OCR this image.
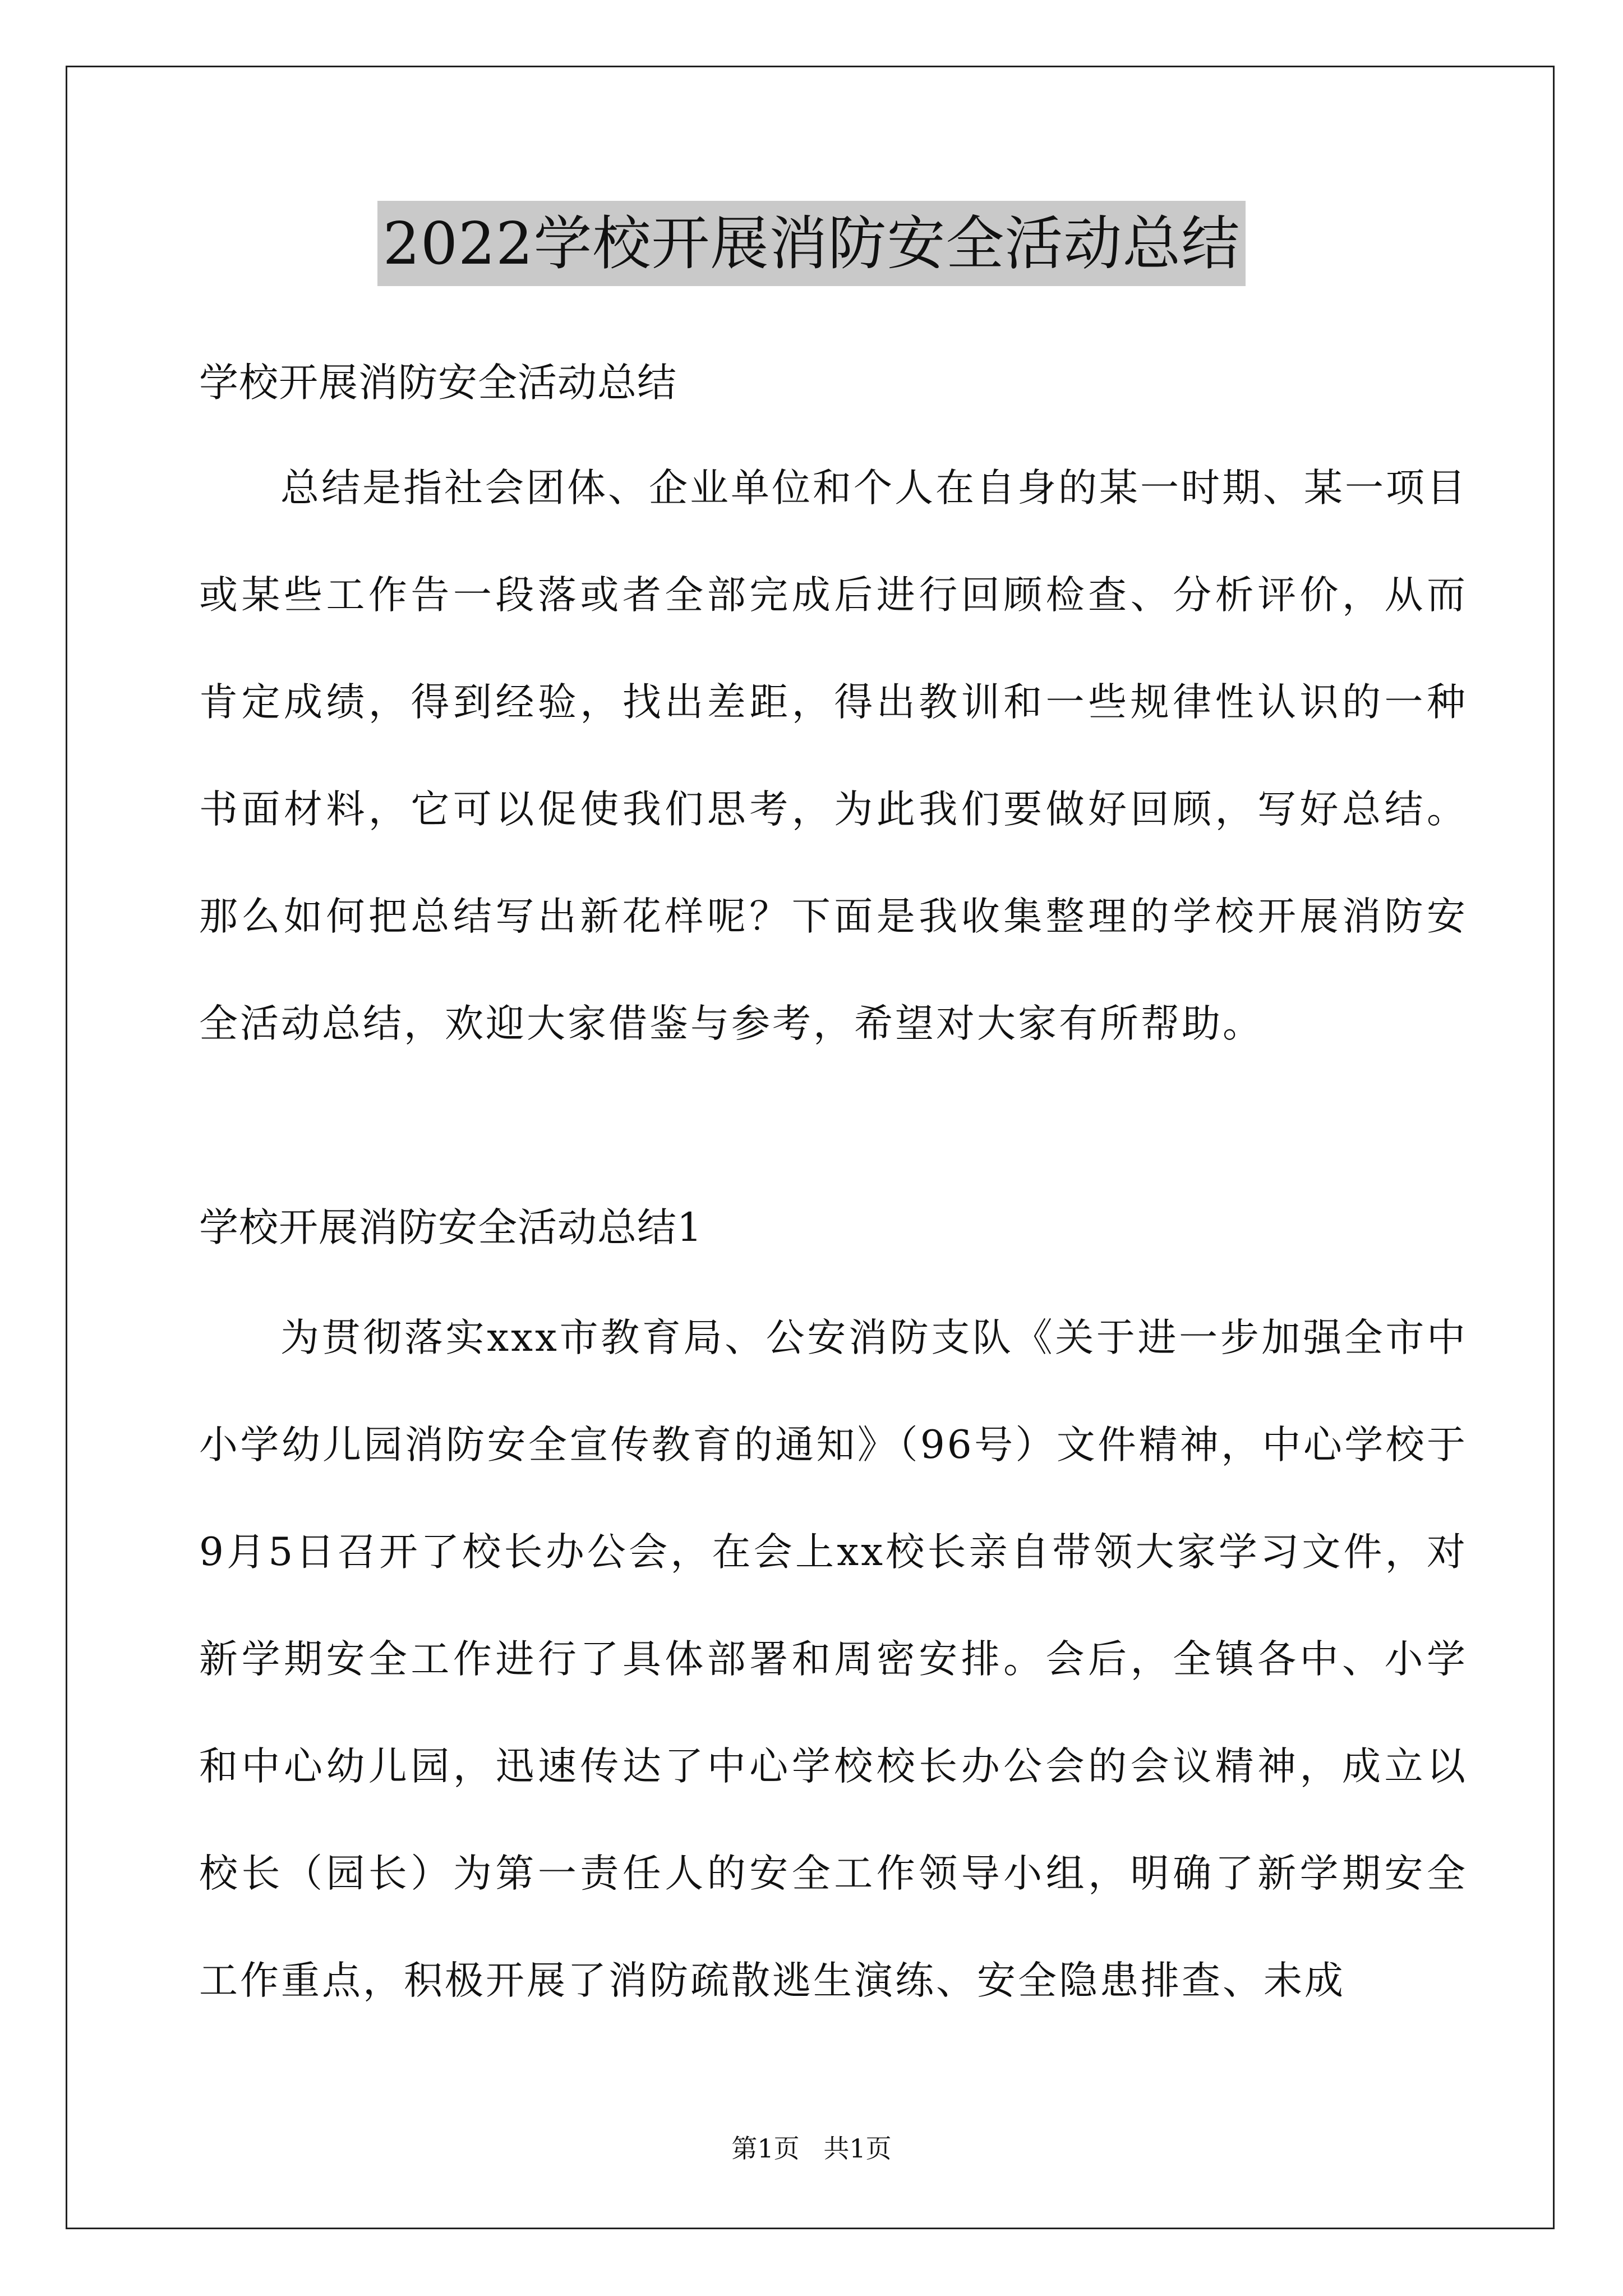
2022学校开展消防安全活动总结
学校开展消防安全活动总结

总结是指社会团体、企业单位和个人在自身的某一时期、某一项目或某些工作告一段落或者全部完成后进行回顾检查、分析评价，从而肯定成绩，得到经验，找出差距，得出教训和一些规律性认识的一种书面材料，它可以促使我们思考，为此我们要做好回顾，写好总结。那么如何把总结写出新花样呢？下面是我收集整理的学校开展消防安全活动总结，欢迎大家借鉴与参考，希望对大家有所帮助。

学校开展消防安全活动总结1

为贯彻落实xxx市教育局、公安消防支队《关于进一步加强全市中小学幼儿园消防安全宣传教育的通知》（96号）文件精神，中心学校于9月5日召开了校长办公会，在会上xx校长亲自带领大家学习文件，对新学期安全工作进行了具体部署和周密安排。会后，全镇各中、小学和中心幼儿园，迅速传达了中心学校校长办公会的会议精神，成立以校长（园长）为第一责任人的安全工作领导小组，明确了新学期安全工作重点，积极开展了消防疏散逃生演练、安全隐患排查、未成

第1页 共1页
